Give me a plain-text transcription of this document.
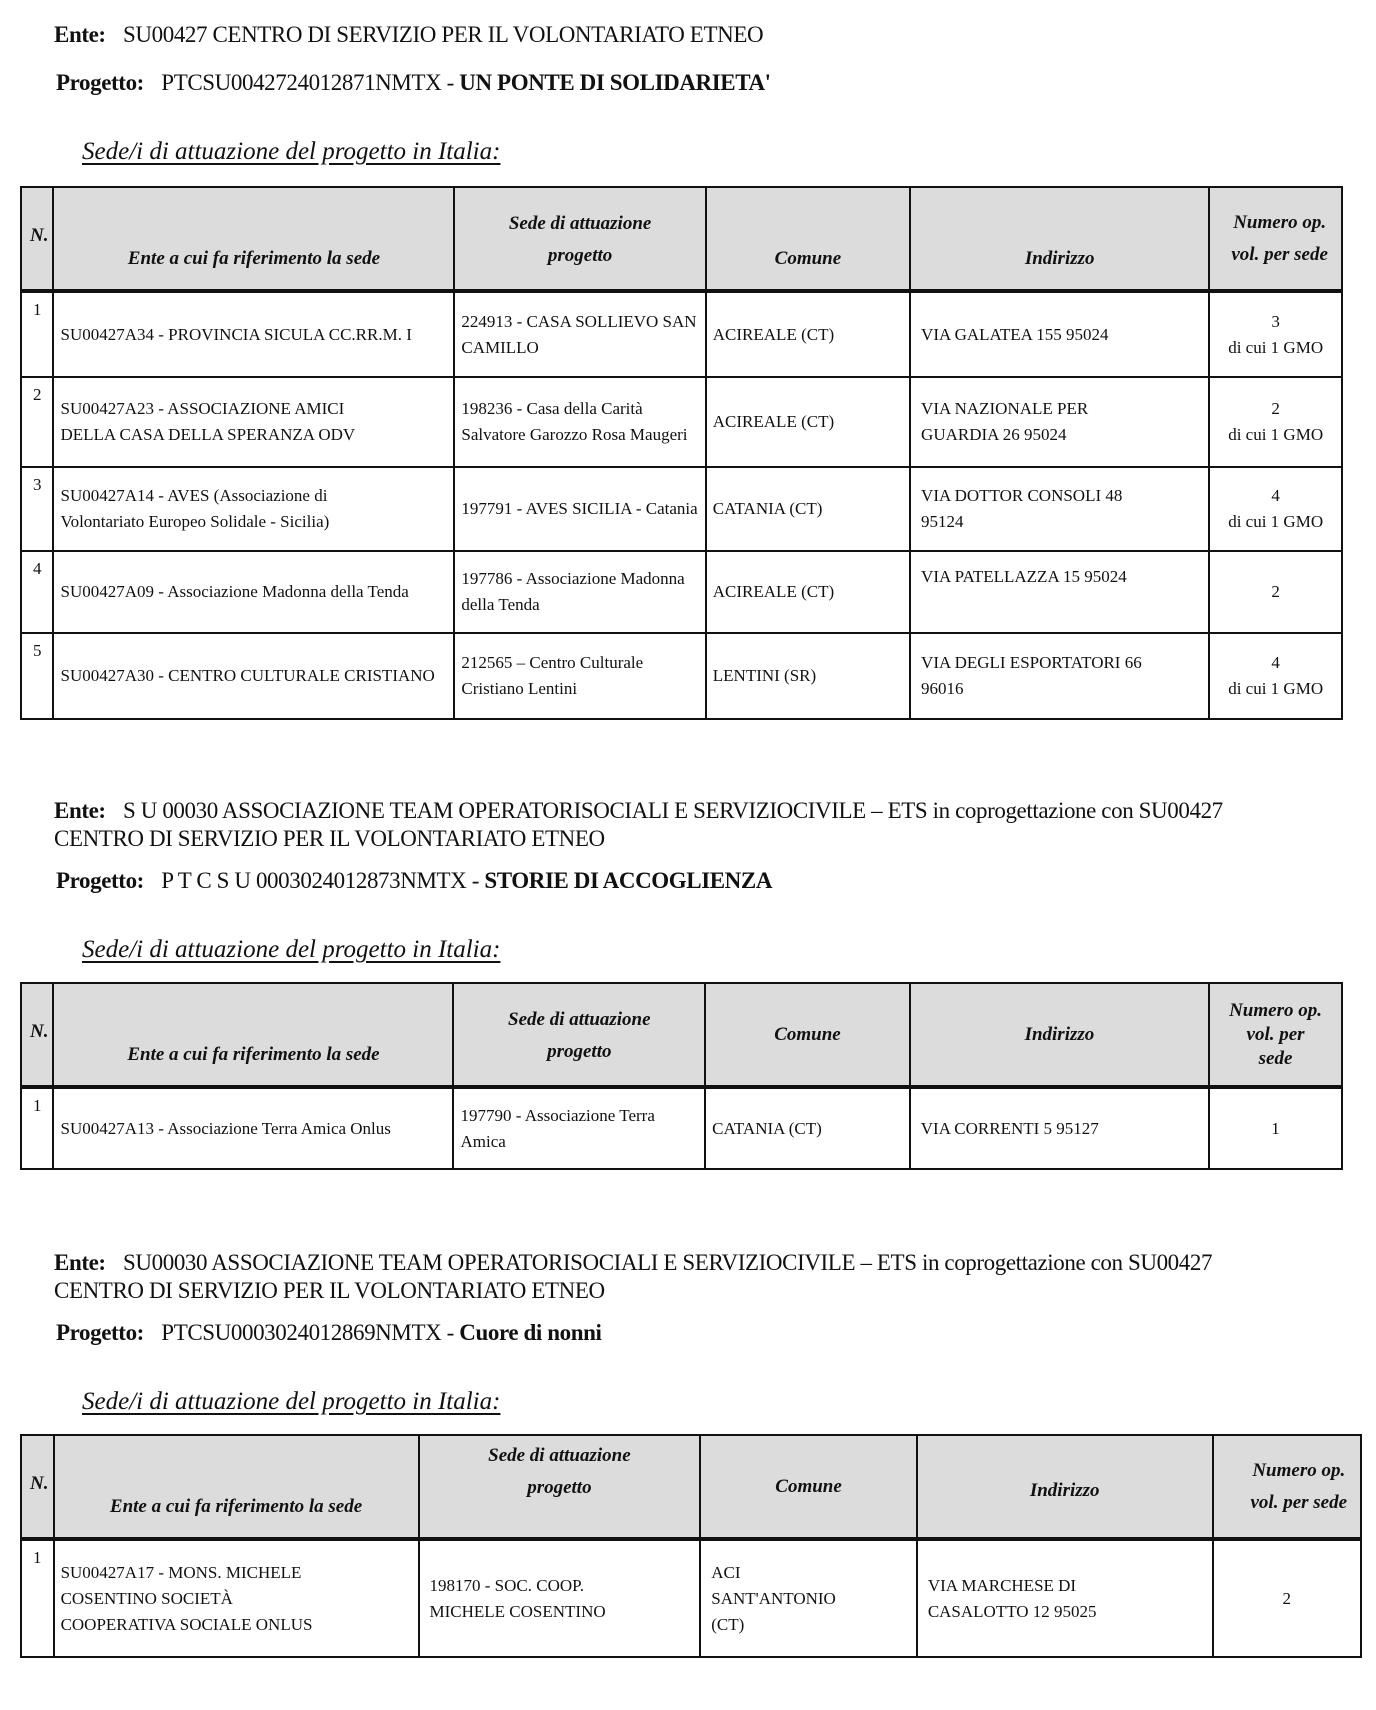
Ente: SU00427 CENTRO DI SERVIZIO PER IL VOLONTARIATO ETNEO
Progetto: PTCSU0042724012871NMTX - UN PONTE DI SOLIDARIETA'
Sede/i di attuazione del progetto in Italia:
N.	Ente a cui fa riferimento la sede	Sede di attuazione progetto	Comune	Indirizzo	Numero op. vol. per sede
1	SU00427A34 - PROVINCIA SICULA CC.RR.M. I	224913 - CASA SOLLIEVO SAN CAMILLO	ACIREALE (CT)	VIA GALATEA 155 95024	3
di cui 1 GMO

2	SU00427A23 - ASSOCIAZIONE AMICI DELLA CASA DELLA SPERANZA ODV	198236 - Casa della Carità Salvatore Garozzo Rosa Maugeri	ACIREALE (CT)	VIA NAZIONALE PER GUARDIA 26 95024	2
di cui 1 GMO

3	SU00427A14 - AVES (Associazione di Volontariato Europeo Solidale - Sicilia)	197791 - AVES SICILIA - Catania	CATANIA (CT)	VIA DOTTOR CONSOLI 48 95124	4
di cui 1 GMO

4	SU00427A09 - Associazione Madonna della Tenda	197786 - Associazione Madonna della Tenda	ACIREALE (CT)	VIA PATELLAZZA 15 95024	2

5	SU00427A30 - CENTRO CULTURALE CRISTIANO	212565 – Centro Culturale Cristiano Lentini	LENTINI (SR)	VIA DEGLI ESPORTATORI 66 96016	4
di cui 1 GMO
Ente: S U 00030 ASSOCIAZIONE TEAM OPERATORISOCIALI E SERVIZIOCIVILE – ETS in coprogettazione con SU00427
CENTRO DI SERVIZIO PER IL VOLONTARIATO ETNEO
Progetto: P T C S U 0003024012873NMTX - STORIE DI ACCOGLIENZA
Sede/i di attuazione del progetto in Italia:
N.	Ente a cui fa riferimento la sede	Sede di attuazione progetto	Comune	Indirizzo	Numero op. vol. per sede
1	SU00427A13 - Associazione Terra Amica Onlus	197790 - Associazione Terra Amica	CATANIA (CT)	VIA CORRENTI 5 95127	1
Ente: SU00030 ASSOCIAZIONE TEAM OPERATORISOCIALI E SERVIZIOCIVILE – ETS in coprogettazione con SU00427
CENTRO DI SERVIZIO PER IL VOLONTARIATO ETNEO
Progetto: PTCSU0003024012869NMTX - Cuore di nonni
Sede/i di attuazione del progetto in Italia:
N.	Ente a cui fa riferimento la sede	Sede di attuazione progetto	Comune	Indirizzo	Numero op. vol. per sede
1	SU00427A17 - MONS. MICHELE COSENTINO SOCIETÀ COOPERATIVA SOCIALE ONLUS	198170 - SOC. COOP. MICHELE COSENTINO	ACI SANT'ANTONIO (CT)	VIA MARCHESE DI CASALOTTO 12 95025	2
